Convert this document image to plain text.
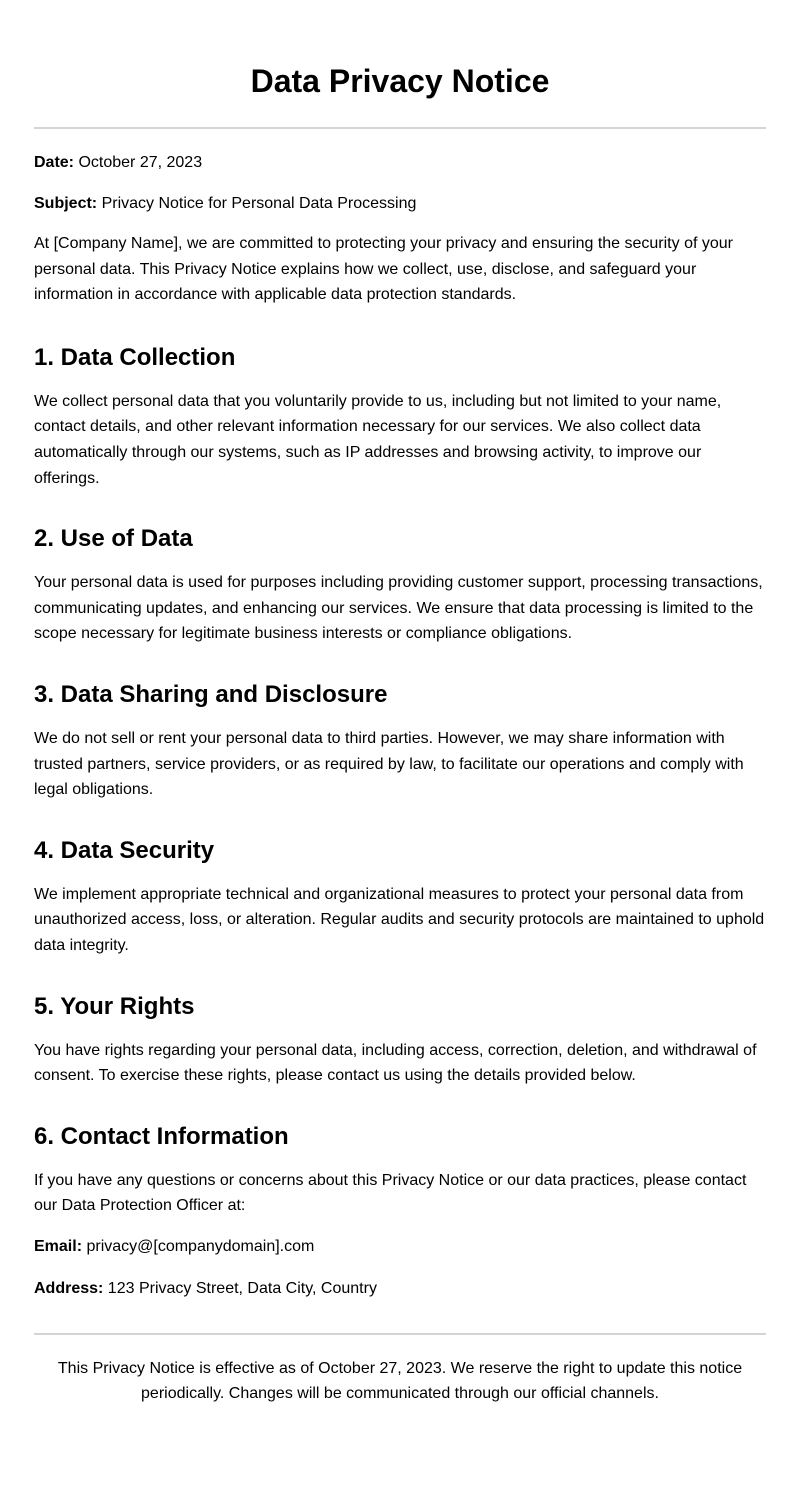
Data Privacy Notice

Date: October 27, 2023

Subject: Privacy Notice for Personal Data Processing

At [Company Name], we are committed to protecting your privacy and ensuring the security of your personal data. This Privacy Notice explains how we collect, use, disclose, and safeguard your information in accordance with applicable data protection standards.

1. Data Collection

We collect personal data that you voluntarily provide to us, including but not limited to your name, contact details, and other relevant information necessary for our services. We also collect data automatically through our systems, such as IP addresses and browsing activity, to improve our offerings.

2. Use of Data

Your personal data is used for purposes including providing customer support, processing transactions, communicating updates, and enhancing our services. We ensure that data processing is limited to the scope necessary for legitimate business interests or compliance obligations.

3. Data Sharing and Disclosure

We do not sell or rent your personal data to third parties. However, we may share information with trusted partners, service providers, or as required by law, to facilitate our operations and comply with legal obligations.

4. Data Security

We implement appropriate technical and organizational measures to protect your personal data from unauthorized access, loss, or alteration. Regular audits and security protocols are maintained to uphold data integrity.

5. Your Rights

You have rights regarding your personal data, including access, correction, deletion, and withdrawal of consent. To exercise these rights, please contact us using the details provided below.

6. Contact Information

If you have any questions or concerns about this Privacy Notice or our data practices, please contact our Data Protection Officer at:

Email: privacy@[companydomain].com

Address: 123 Privacy Street, Data City, Country

This Privacy Notice is effective as of October 27, 2023. We reserve the right to update this notice periodically. Changes will be communicated through our official channels.
